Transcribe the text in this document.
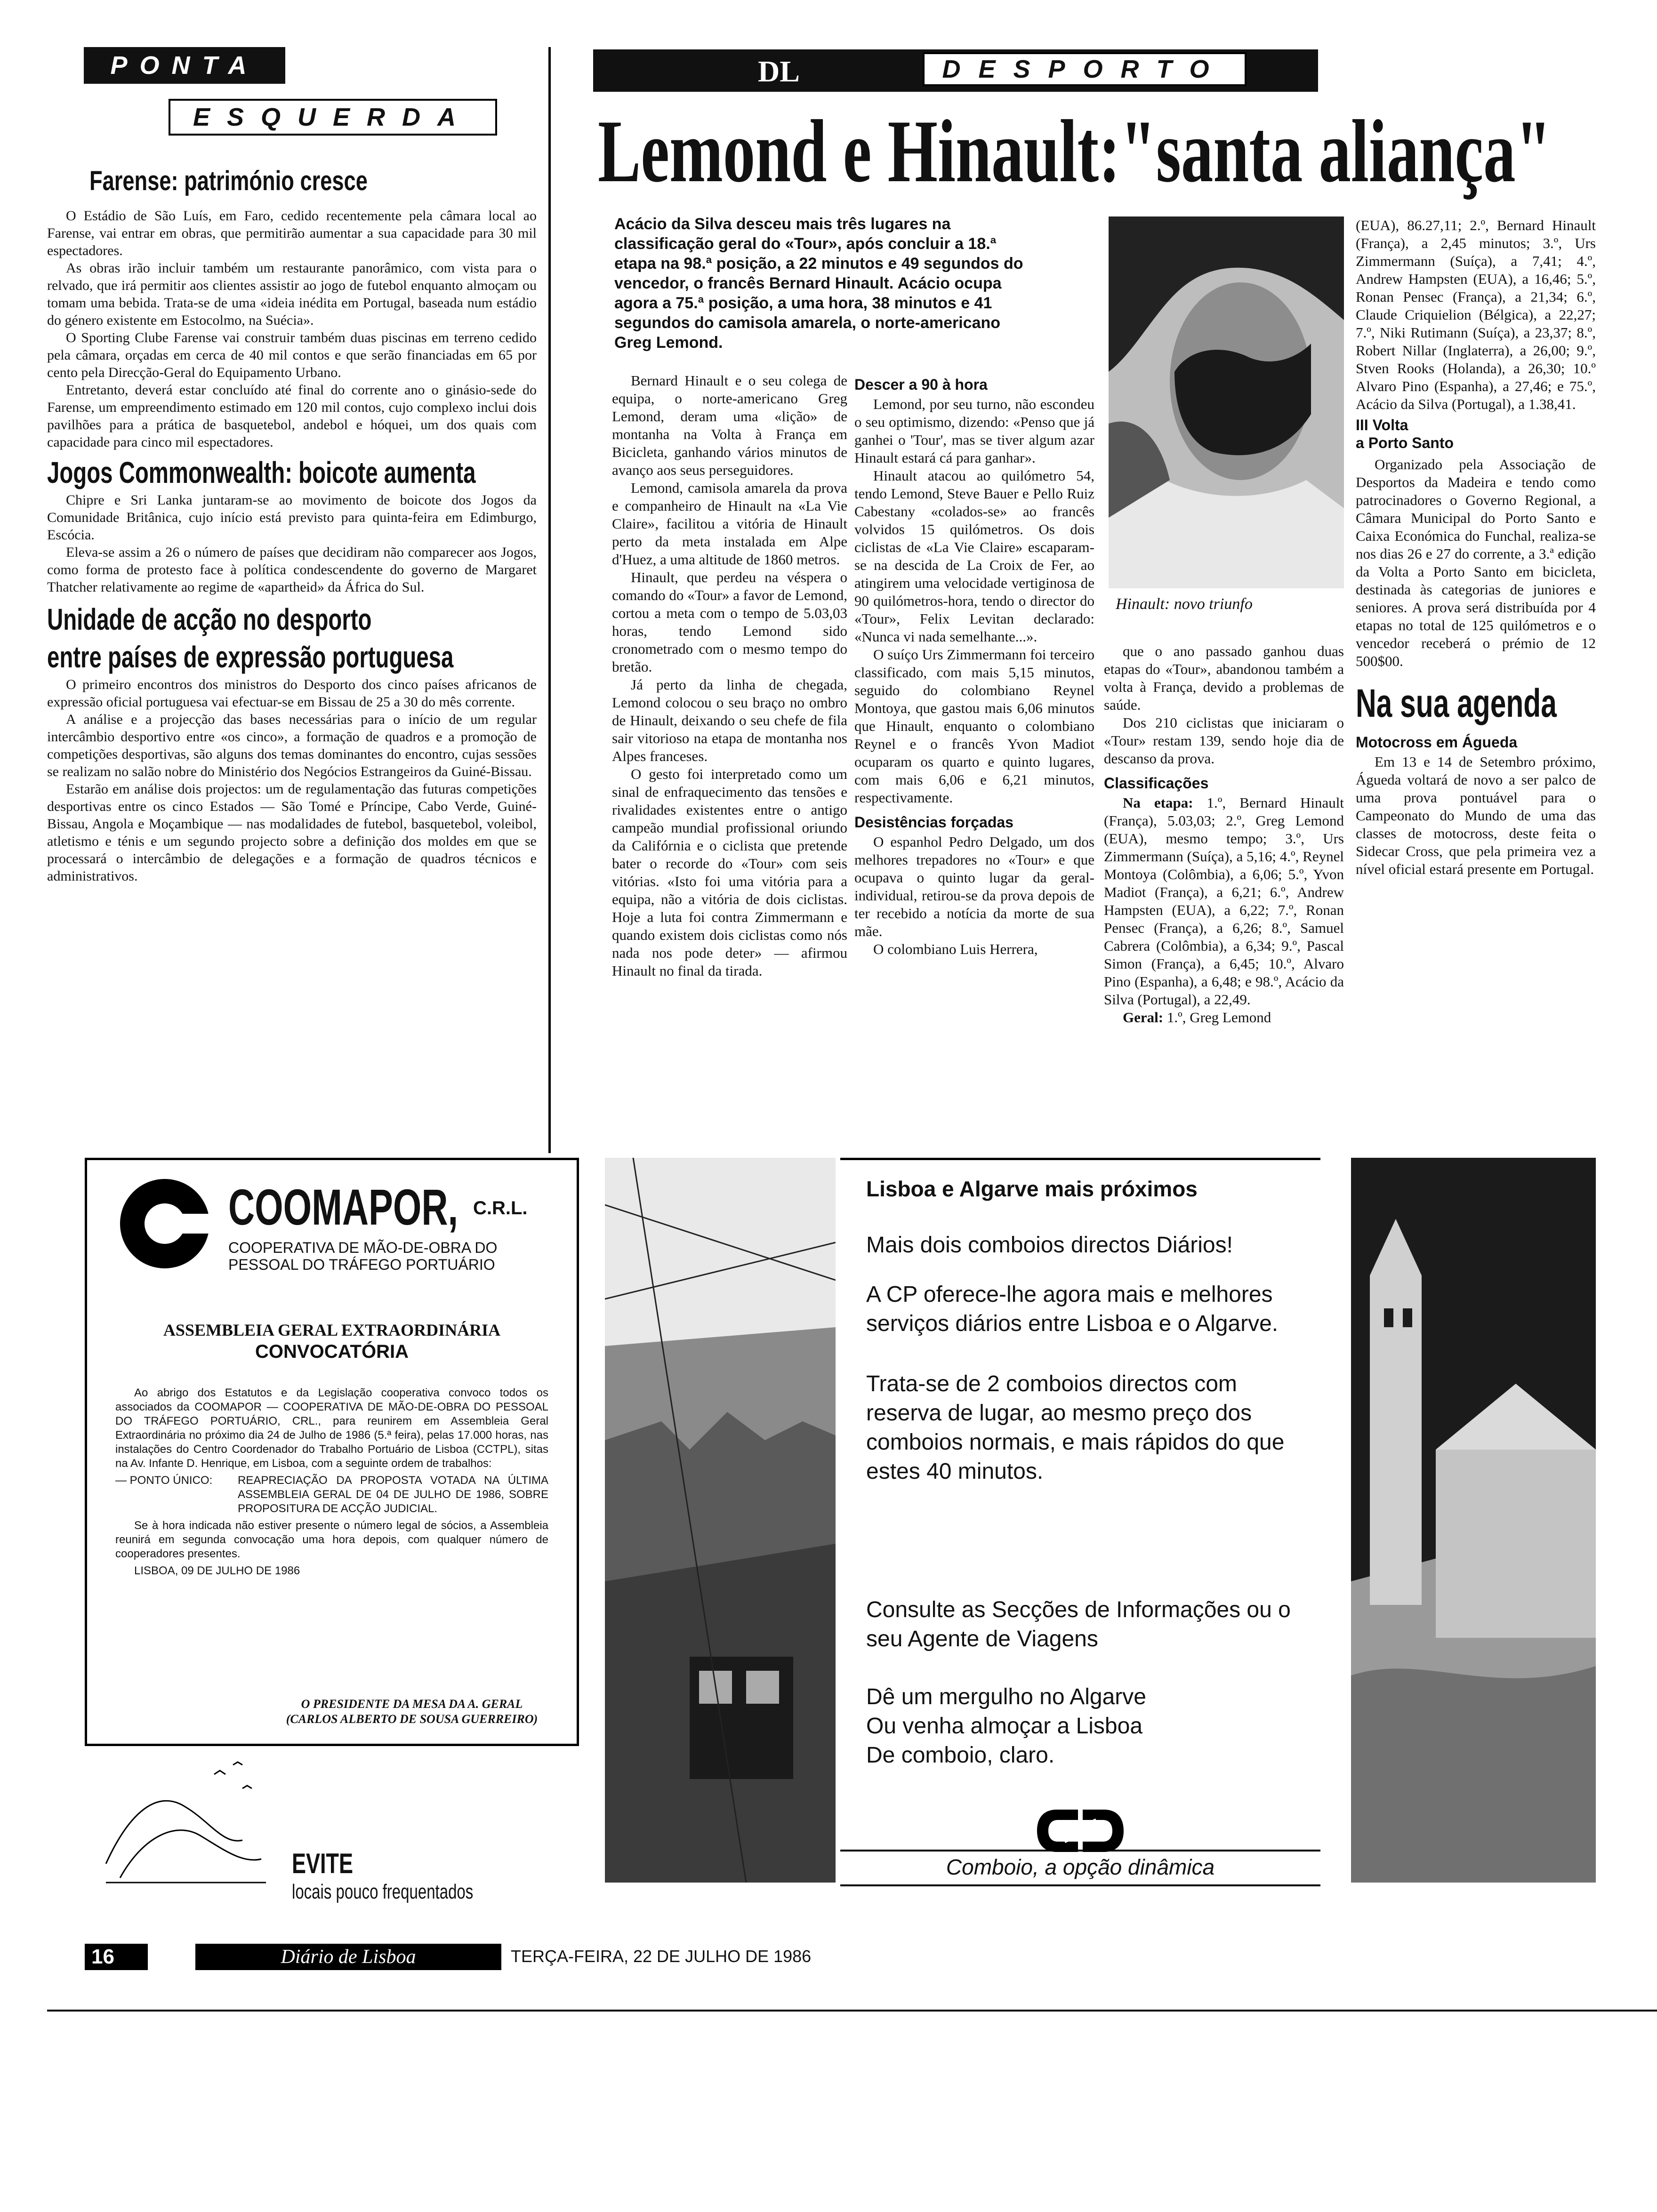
PONTA
ESQUERDA
Farense: património cresce

O Estádio de São Luís, em Faro, cedido recentemente pela câmara local ao Farense, vai entrar em obras, que permitirão aumentar a sua capacidade para 30 mil espectadores.

As obras irão incluir também um restaurante panorâmico, com vista para o relvado, que irá permitir aos clientes assistir ao jogo de futebol enquanto almoçam ou tomam uma bebida. Trata-se de uma «ideia inédita em Portugal, baseada num estádio do género existente em Estocolmo, na Suécia».

O Sporting Clube Farense vai construir também duas piscinas em terreno cedido pela câmara, orçadas em cerca de 40 mil contos e que serão financiadas em 65 por cento pela Direcção-Geral do Equipamento Urbano.

Entretanto, deverá estar concluído até final do corrente ano o ginásio-sede do Farense, um empreendimento estimado em 120 mil contos, cujo complexo inclui dois pavilhões para a prática de basquetebol, andebol e hóquei, um dos quais com capacidade para cinco mil espectadores.

Jogos Commonwealth: boicote aumenta

Chipre e Sri Lanka juntaram-se ao movimento de boicote dos Jogos da Comunidade Britânica, cujo início está previsto para quinta-feira em Edimburgo, Escócia.

Eleva-se assim a 26 o número de países que decidiram não comparecer aos Jogos, como forma de protesto face à política condescendente do governo de Margaret Thatcher relativamente ao regime de «apartheid» da África do Sul.

Unidade de acção no desporto
entre países de expressão portuguesa

O primeiro encontros dos ministros do Desporto dos cinco países africanos de expressão oficial portuguesa vai efectuar-se em Bissau de 25 a 30 do mês corrente.

A análise e a projecção das bases necessárias para o início de um regular intercâmbio desportivo entre «os cinco», a formação de quadros e a promoção de competições desportivas, são alguns dos temas dominantes do encontro, cujas sessões se realizam no salão nobre do Ministério dos Negócios Estrangeiros da Guiné-Bissau.

Estarão em análise dois projectos: um de regulamentação das futuras competições desportivas entre os cinco Estados — São Tomé e Príncipe, Cabo Verde, Guiné-Bissau, Angola e Moçambique — nas modalidades de futebol, basquetebol, voleibol, atletismo e ténis e um segundo projecto sobre a definição dos moldes em que se processará o intercâmbio de delegações e a formação de quadros técnicos e administrativos.

DL	DESPORTO
Lemond e Hinault:"santa aliança"
Acácio da Silva desceu mais três lugares na classificação geral do «Tour», após concluir a 18.ª etapa na 98.ª posição, a 22 minutos e 49 segundos do vencedor, o francês Bernard Hinault. Acácio ocupa agora a 75.ª posição, a uma hora, 38 minutos e 41 segundos do camisola amarela, o norte-americano Greg Lemond.
Hinault: novo triunfo

Bernard Hinault e o seu colega de equipa, o norte-americano Greg Lemond, deram uma «lição» de montanha na Volta à França em Bicicleta, ganhando vários minutos de avanço aos seus perseguidores.

Lemond, camisola amarela da prova e companheiro de Hinault na «La Vie Claire», facilitou a vitória de Hinault perto da meta instalada em Alpe d'Huez, a uma altitude de 1860 metros.

Hinault, que perdeu na véspera o comando do «Tour» a favor de Lemond, cortou a meta com o tempo de 5.03,03 horas, tendo Lemond sido cronometrado com o mesmo tempo do bretão.

Já perto da linha de chegada, Lemond colocou o seu braço no ombro de Hinault, deixando o seu chefe de fila sair vitorioso na etapa de montanha nos Alpes franceses.

O gesto foi interpretado como um sinal de enfraquecimento das tensões e rivalidades existentes entre o antigo campeão mundial profissional oriundo da Califórnia e o ciclista que pretende bater o recorde do «Tour» com seis vitórias. «Isto foi uma vitória para a equipa, não a vitória de dois ciclistas. Hoje a luta foi contra Zimmermann e quando existem dois ciclistas como nós nada nos pode deter» — afirmou Hinault no final da tirada.

Descer a 90 à hora

Lemond, por seu turno, não escondeu o seu optimismo, dizendo: «Penso que já ganhei o 'Tour', mas se tiver algum azar Hinault estará cá para ganhar».

Hinault atacou ao quilómetro 54, tendo Lemond, Steve Bauer e Pello Ruiz Cabestany «colados-se» ao francês volvidos 15 quilómetros. Os dois ciclistas de «La Vie Claire» escaparam-se na descida de La Croix de Fer, ao atingirem uma velocidade vertiginosa de 90 quilómetros-hora, tendo o director do «Tour», Felix Levitan declarado: «Nunca vi nada semelhante...».

O suíço Urs Zimmermann foi terceiro classificado, com mais 5,15 minutos, seguido do colombiano Reynel Montoya, que gastou mais 6,06 minutos que Hinault, enquanto o colombiano Reynel e o francês Yvon Madiot ocuparam os quarto e quinto lugares, com mais 6,06 e 6,21 minutos, respectivamente.

Desistências forçadas

O espanhol Pedro Delgado, um dos melhores trepadores no «Tour» e que ocupava o quinto lugar da geral-individual, retirou-se da prova depois de ter recebido a notícia da morte de sua mãe.

O colombiano Luis Herrera,

que o ano passado ganhou duas etapas do «Tour», abandonou também a volta à França, devido a problemas de saúde.

Dos 210 ciclistas que iniciaram o «Tour» restam 139, sendo hoje dia de descanso da prova.

Classificações

Na etapa: 1.º, Bernard Hinault (França), 5.03,03; 2.º, Greg Lemond (EUA), mesmo tempo; 3.º, Urs Zimmermann (Suíça), a 5,16; 4.º, Reynel Montoya (Colômbia), a 6,06; 5.º, Yvon Madiot (França), a 6,21; 6.º, Andrew Hampsten (EUA), a 6,22; 7.º, Ronan Pensec (França), a 6,26; 8.º, Samuel Cabrera (Colômbia), a 6,34; 9.º, Pascal Simon (França), a 6,45; 10.º, Alvaro Pino (Espanha), a 6,48; e 98.º, Acácio da Silva (Portugal), a 22,49.

Geral: 1.º, Greg Lemond

(EUA), 86.27,11; 2.º, Bernard Hinault (França), a 2,45 minutos; 3.º, Urs Zimmermann (Suíça), a 7,41; 4.º, Andrew Hampsten (EUA), a 16,46; 5.º, Ronan Pensec (França), a 21,34; 6.º, Claude Criquielion (Bélgica), a 22,27; 7.º, Niki Rutimann (Suíça), a 23,37; 8.º, Robert Nillar (Inglaterra), a 26,00; 9.º, Stven Rooks (Holanda), a 26,30; 10.º Alvaro Pino (Espanha), a 27,46; e 75.º, Acácio da Silva (Portugal), a 1.38,41.
III Volta
a Porto Santo

Organizado pela Associação de Desportos da Madeira e tendo como patrocinadores o Governo Regional, a Câmara Municipal do Porto Santo e Caixa Económica do Funchal, realiza-se nos dias 26 e 27 do corrente, a 3.ª edição da Volta a Porto Santo em bicicleta, destinada às categorias de juniores e seniores. A prova será distribuída por 4 etapas no total de 125 quilómetros e o vencedor receberá o prémio de 12 500$00.

Na sua agenda
Motocross em Águeda

Em 13 e 14 de Setembro próximo, Águeda voltará de novo a ser palco de uma prova pontuável para o Campeonato do Mundo de uma das classes de motocross, deste feita o Sidecar Cross, que pela primeira vez a nível oficial estará presente em Portugal.

COOMAPOR, C.R.L.
COOPERATIVA DE MÃO-DE-OBRA DO
PESSOAL DO TRÁFEGO PORTUÁRIO
ASSEMBLEIA GERAL EXTRAORDINÁRIA
CONVOCATÓRIA

Ao abrigo dos Estatutos e da Legislação cooperativa convoco todos os associados da COOMAPOR — COOPERATIVA DE MÃO-DE-OBRA DO PESSOAL DO TRÁFEGO PORTUÁRIO, CRL., para reunirem em Assembleia Geral Extraordinária no próximo dia 24 de Julho de 1986 (5.ª feira), pelas 17.000 horas, nas instalações do Centro Coordenador do Trabalho Portuário de Lisboa (CCTPL), sitas na Av. Infante D. Henrique, em Lisboa, com a seguinte ordem de trabalhos:

— PONTO ÚNICO:	REAPRECIAÇÃO DA PROPOSTA VOTADA NA ÚLTIMA ASSEMBLEIA GERAL DE 04 DE JULHO DE 1986, SOBRE PROPOSITURA DE ACÇÃO JUDICIAL.

Se à hora indicada não estiver presente o número legal de sócios, a Assembleia reunirá em segunda convocação uma hora depois, com qualquer número de cooperadores presentes.

LISBOA, 09 DE JULHO DE 1986

O PRESIDENTE DA MESA DA A. GERAL
(CARLOS ALBERTO DE SOUSA GUERREIRO)
EVITE
locais pouco frequentados
Lisboa e Algarve mais próximos
Mais dois comboios directos Diários!
A CP oferece-lhe agora mais e melhores serviços diários entre Lisboa e o Algarve.
Trata-se de 2 comboios directos com reserva de lugar, ao mesmo preço dos comboios normais, e mais rápidos do que estes 40 minutos.
Consulte as Secções de Informações ou o seu Agente de Viagens
Dê um mergulho no Algarve
Ou venha almoçar a Lisboa
De comboio, claro.
Comboio, a opção dinâmica
16	Diário de Lisboa	TERÇA-FEIRA, 22 DE JULHO DE 1986
